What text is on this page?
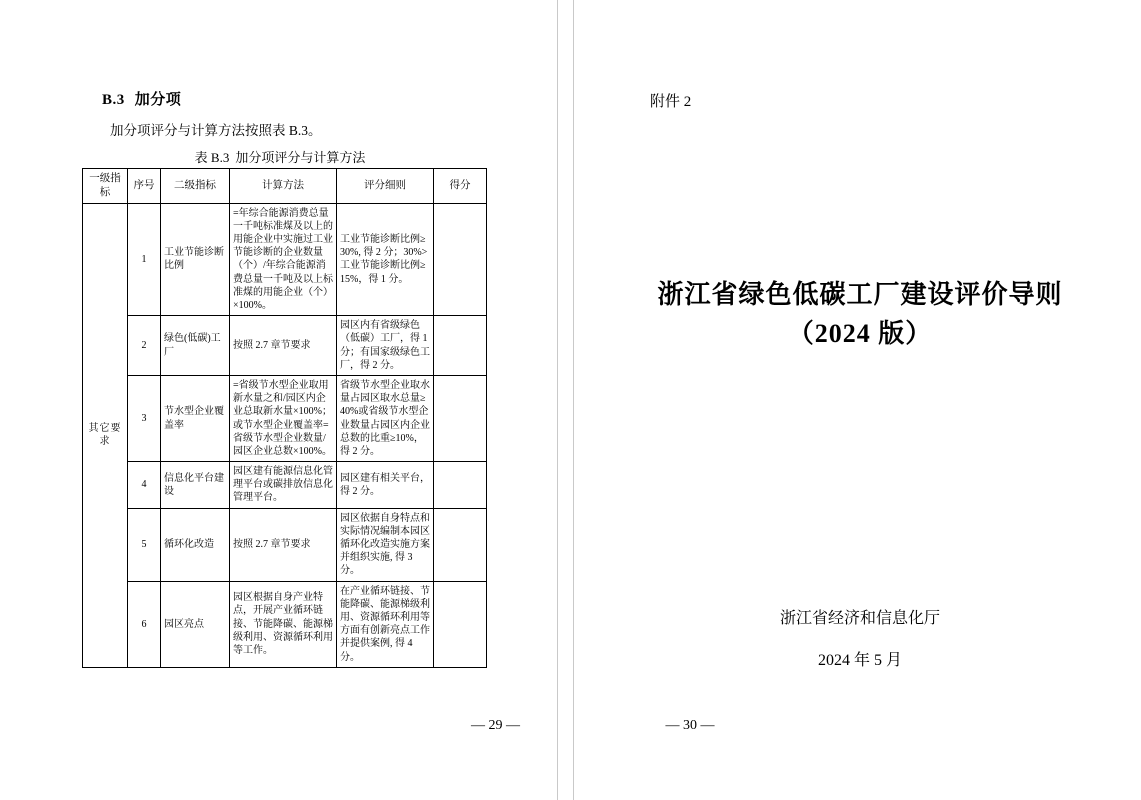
B.3 加分项
加分项评分与计算方法按照表 B.3。
表 B.3 加分项评分与计算方法
一级指标	序号	二级指标	计算方法	评分细则	得分
其它要求	1	工业节能诊断比例	=年综合能源消费总量一千吨标准煤及以上的用能企业中实施过工业节能诊断的企业数量（个）/年综合能源消费总量一千吨及以上标准煤的用能企业（个）×100%。	工业节能诊断比例≥30%, 得 2 分；30%>工业节能诊断比例≥15%，得 1 分。	
	2	绿色(低碳)工厂	按照 2.7 章节要求	园区内有省级绿色（低碳）工厂，得 1 分；有国家级绿色工厂，得 2 分。	
	3	节水型企业覆盖率	=省级节水型企业取用新水量之和/园区内企业总取新水量×100%；或节水型企业覆盖率=省级节水型企业数量/园区企业总数×100%。	省级节水型企业取水量占园区取水总量≥40%或省级节水型企业数量占园区内企业总数的比重≥10%，得 2 分。	
	4	信息化平台建设	园区建有能源信息化管理平台或碳排放信息化管理平台。	园区建有相关平台，得 2 分。	
	5	循环化改造	按照 2.7 章节要求	园区依据自身特点和实际情况编制本园区循环化改造实施方案并组织实施, 得 3 分。	
	6	园区亮点	园区根据自身产业特点，开展产业循环链接、节能降碳、能源梯级利用、资源循环利用等工作。	在产业循环链接、节能降碳、能源梯级利用、资源循环利用等方面有创新亮点工作并提供案例, 得 4 分。	
— 29 —
附件 2
浙江省绿色低碳工厂建设评价导则
（2024 版）
浙江省经济和信息化厅
2024 年 5 月
— 30 —
